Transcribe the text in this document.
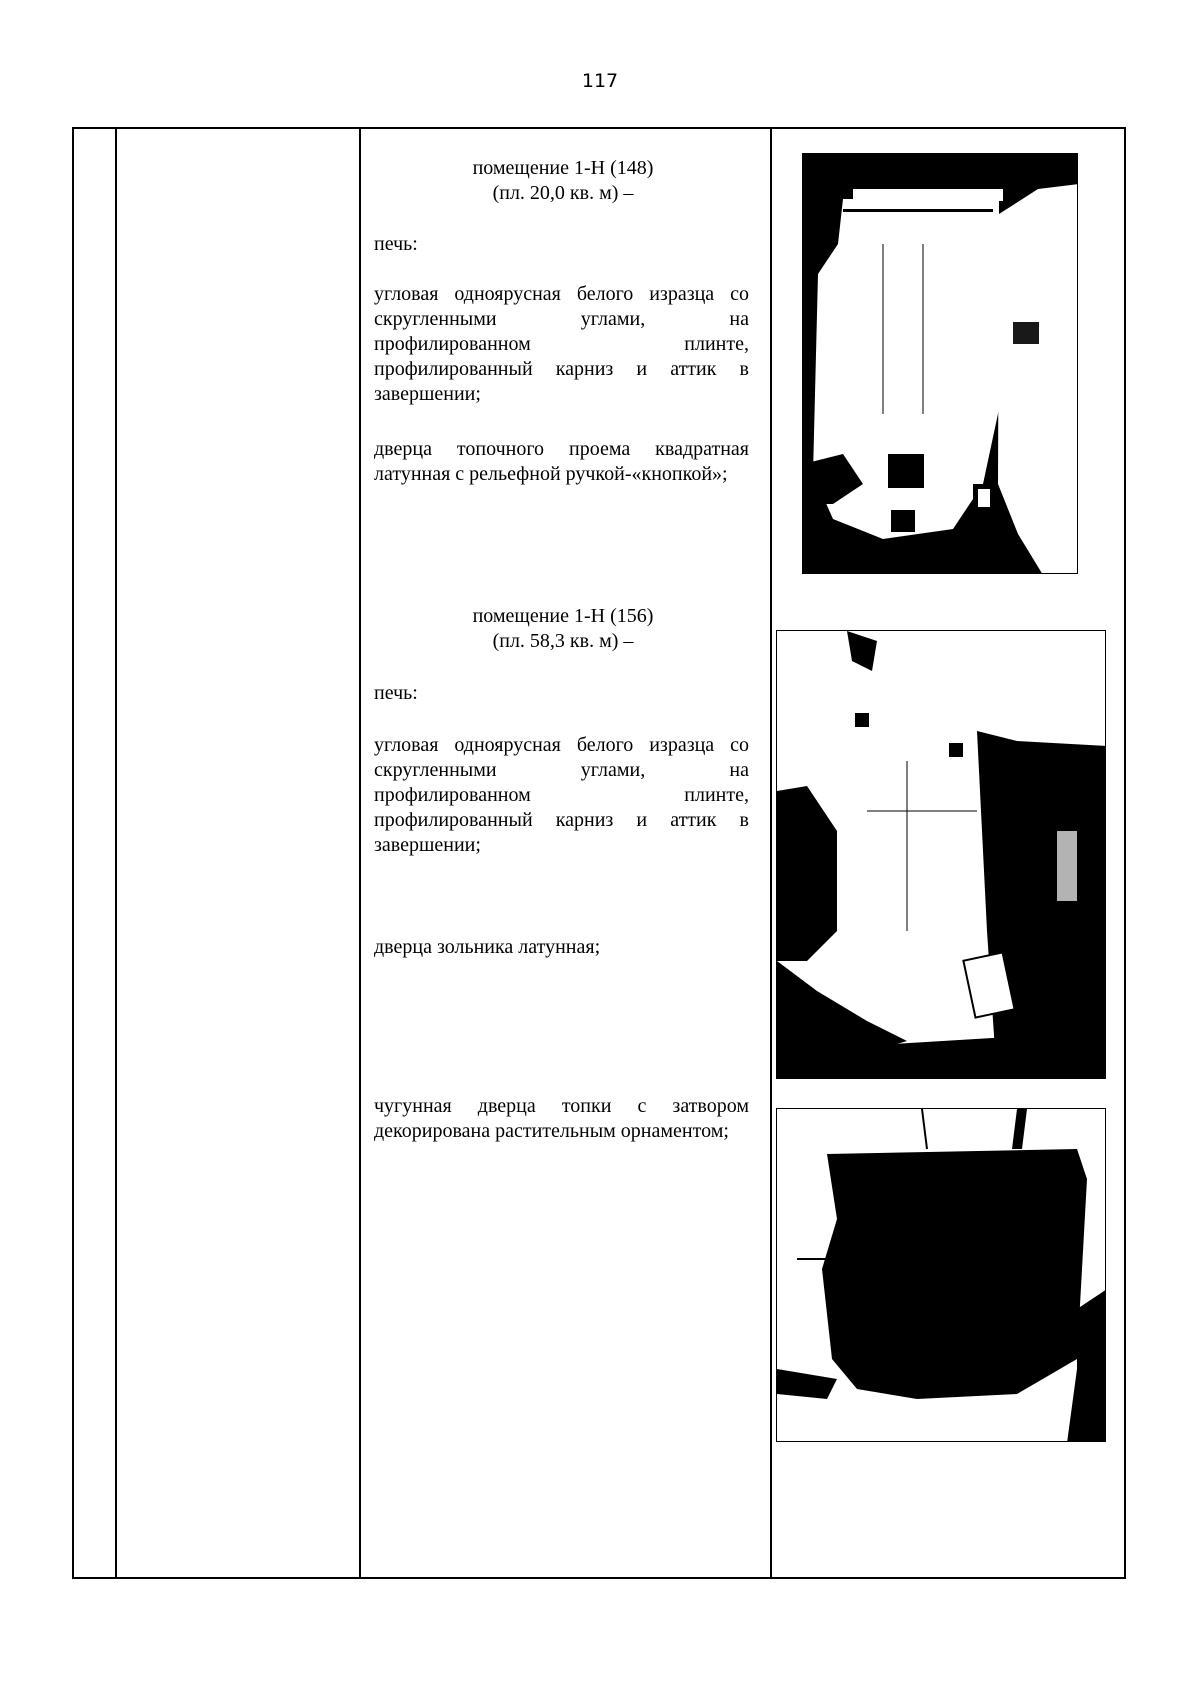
117
помещение 1-Н (148)
(пл. 20,0 кв. м) –
печь:
угловая одноярусная белого изразца со скругленными углами, на профилированном плинте, профилированный карниз и аттик в завершении;
дверца топочного проема квадратная латунная с рельефной ручкой-«кнопкой»;
помещение 1-Н (156)
(пл. 58,3 кв. м) –
печь:
угловая одноярусная белого изразца со скругленными углами, на профилированном плинте, профилированный карниз и аттик в завершении;
дверца зольника латунная;
чугунная дверца топки с затвором декорирована растительным орнаментом;
